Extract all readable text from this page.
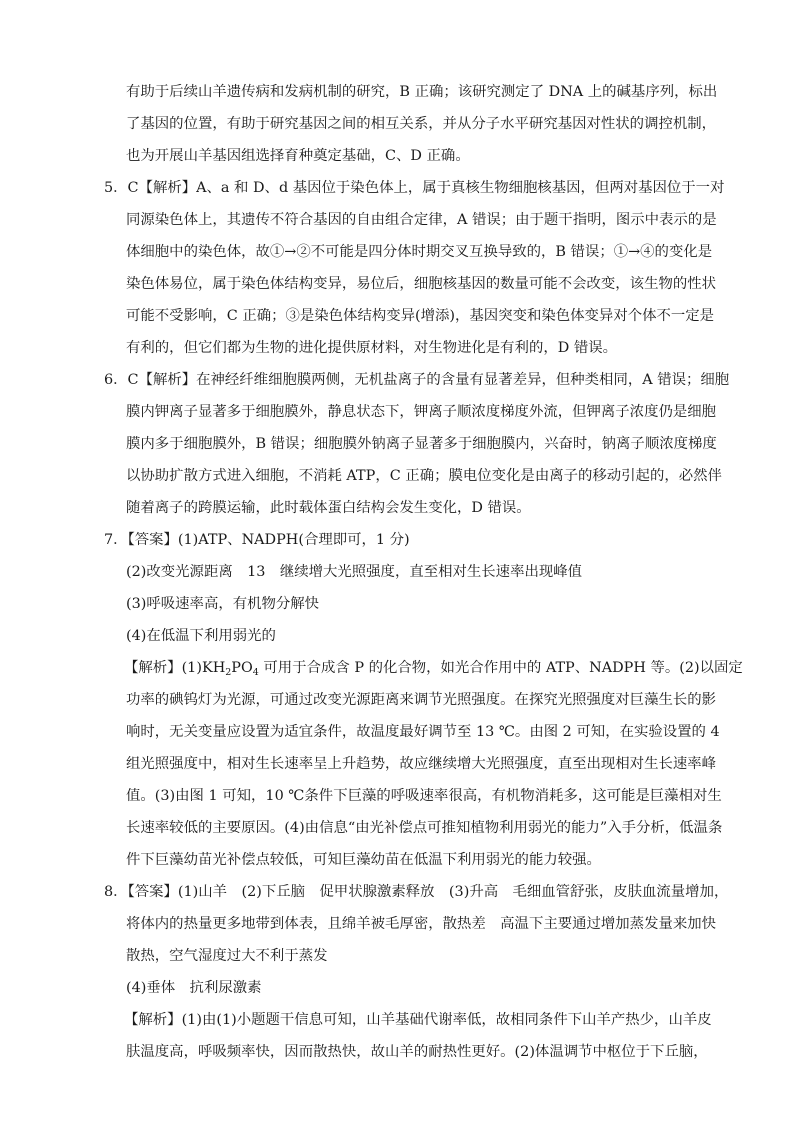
有助于后续山羊遗传病和发病机制的研究，B 正确；该研究测定了 DNA 上的碱基序列，标出
了基因的位置，有助于研究基因之间的相互关系，并从分子水平研究基因对性状的调控机制，
也为开展山羊基因组选择育种奠定基础，C、D 正确。
5．C【解析】A、a 和 D、d 基因位于染色体上，属于真核生物细胞核基因，但两对基因位于一对
同源染色体上，其遗传不符合基因的自由组合定律，A 错误；由于题干指明，图示中表示的是
体细胞中的染色体，故①→②不可能是四分体时期交叉互换导致的，B 错误；①→④的变化是
染色体易位，属于染色体结构变异，易位后，细胞核基因的数量可能不会改变，该生物的性状
可能不受影响，C 正确；③是染色体结构变异(增添)，基因突变和染色体变异对个体不一定是
有利的，但它们都为生物的进化提供原材料，对生物进化是有利的，D 错误。
6．C【解析】在神经纤维细胞膜两侧，无机盐离子的含量有显著差异，但种类相同，A 错误；细胞
膜内钾离子显著多于细胞膜外，静息状态下，钾离子顺浓度梯度外流，但钾离子浓度仍是细胞
膜内多于细胞膜外，B 错误；细胞膜外钠离子显著多于细胞膜内，兴奋时，钠离子顺浓度梯度
以协助扩散方式进入细胞，不消耗 ATP，C 正确；膜电位变化是由离子的移动引起的，必然伴
随着离子的跨膜运输，此时载体蛋白结构会发生变化，D 错误。
7．【答案】(1)ATP、NADPH(合理即可，1 分)
(2)改变光源距离　13　继续增大光照强度，直至相对生长速率出现峰值
(3)呼吸速率高，有机物分解快
(4)在低温下利用弱光的
【解析】$(1)KH_2PO_4$ 可用于合成含 P 的化合物，如光合作用中的 ATP、NADPH 等。(2)以固定
功率的碘钨灯为光源，可通过改变光源距离来调节光照强度。在探究光照强度对巨藻生长的影
响时，无关变量应设置为适宜条件，故温度最好调节至 13 ℃。由图 2 可知，在实验设置的 4
组光照强度中，相对生长速率呈上升趋势，故应继续增大光照强度，直至出现相对生长速率峰
值。(3)由图 1 可知，10 ℃条件下巨藻的呼吸速率很高，有机物消耗多，这可能是巨藻相对生
长速率较低的主要原因。(4)由信息“由光补偿点可推知植物利用弱光的能力”入手分析，低温条
件下巨藻幼苗光补偿点较低，可知巨藻幼苗在低温下利用弱光的能力较强。
8．【答案】(1)山羊　(2)下丘脑　促甲状腺激素释放　(3)升高　毛细血管舒张，皮肤血流量增加，
将体内的热量更多地带到体表，且绵羊被毛厚密，散热差　高温下主要通过增加蒸发量来加快
散热，空气湿度过大不利于蒸发
(4)垂体　抗利尿激素
【解析】(1)由(1)小题题干信息可知，山羊基础代谢率低，故相同条件下山羊产热少，山羊皮
肤温度高，呼吸频率快，因而散热快，故山羊的耐热性更好。(2)体温调节中枢位于下丘脑，
